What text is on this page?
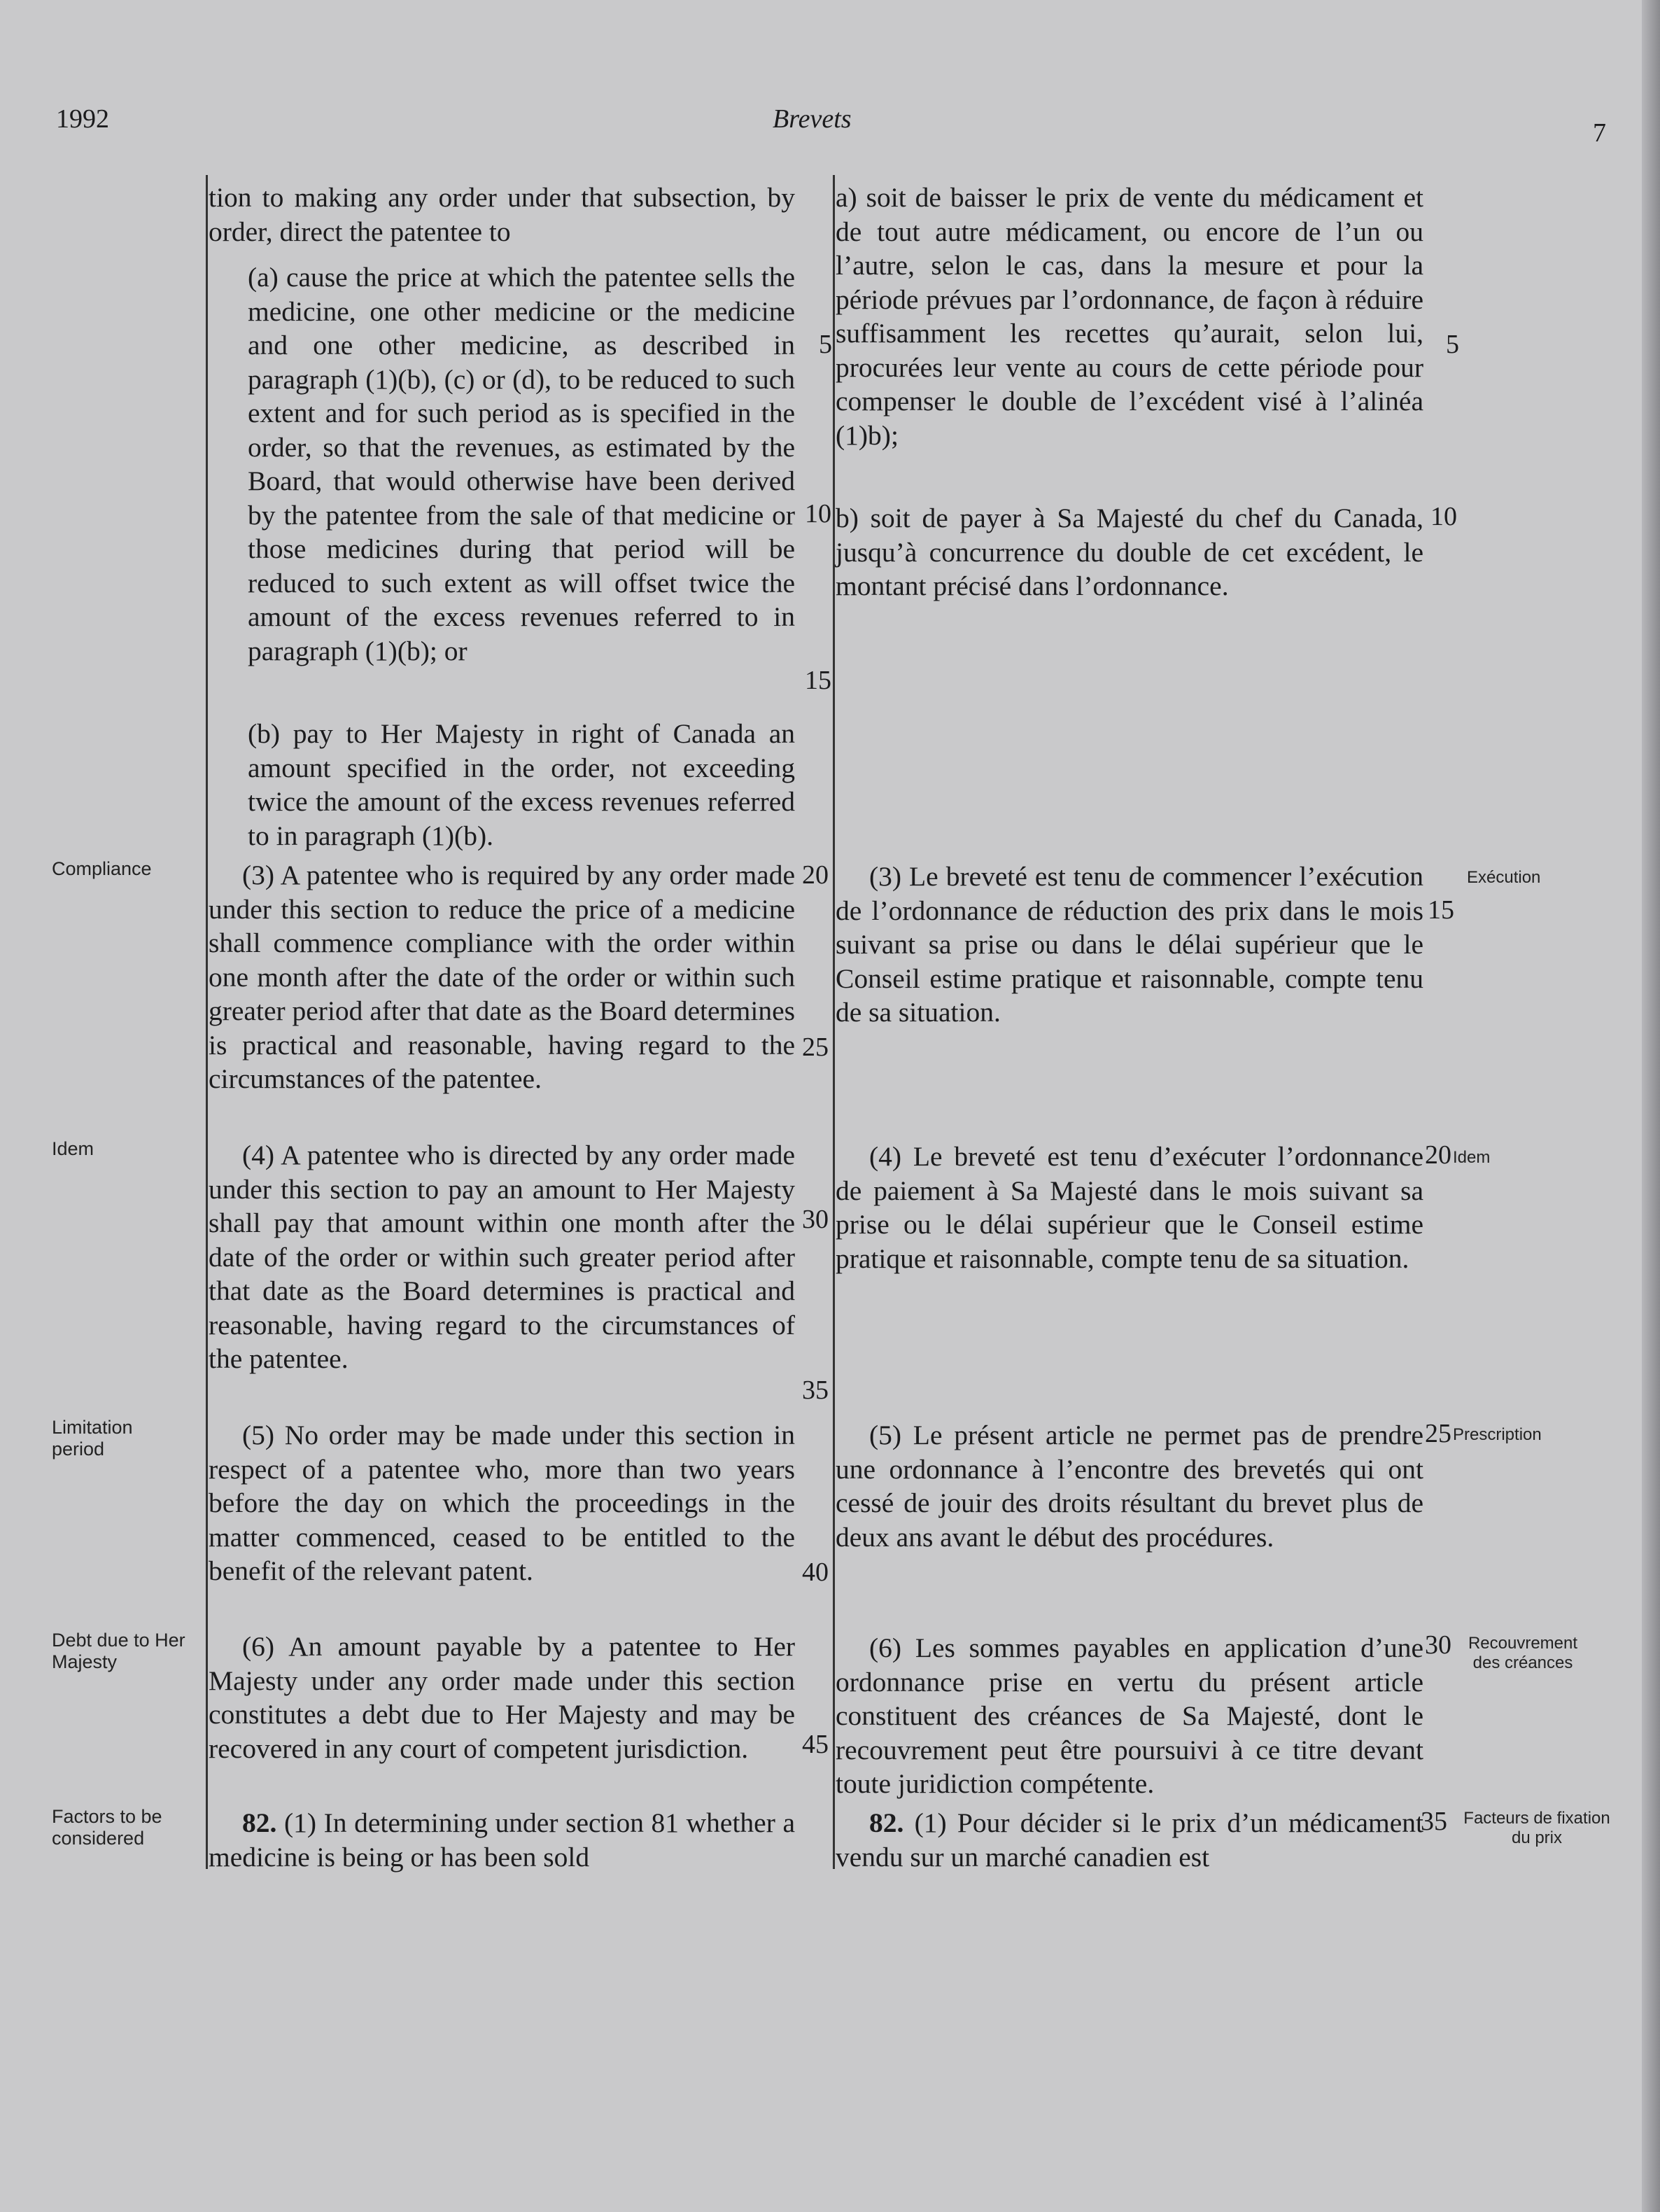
1992	Brevets	7

tion to making any order under that subsection, by order, direct the patentee to

(a) cause the price at which the patentee sells the medicine, one other medicine or the medicine and one other medicine, as described in paragraph (1)(b), (c) or (d), to be reduced to such extent and for such period as is specified in the order, so that the revenues, as estimated by the Board, that would otherwise have been derived by the patentee from the sale of that medicine or those medicines during that period will be reduced to such extent as will offset twice the amount of the excess revenues referred to in paragraph (1)(b); or

(b) pay to Her Majesty in right of Canada an amount specified in the order, not exceeding twice the amount of the excess revenues referred to in paragraph (1)(b).

(3) A patentee who is required by any order made under this section to reduce the price of a medicine shall commence compliance with the order within one month after the date of the order or within such greater period after that date as the Board determines is practical and reasonable, having regard to the circumstances of the patentee.

(4) A patentee who is directed by any order made under this section to pay an amount to Her Majesty shall pay that amount within one month after the date of the order or within such greater period after that date as the Board determines is practical and reasonable, having regard to the circumstances of the patentee.

(5) No order may be made under this section in respect of a patentee who, more than two years before the day on which the proceedings in the matter commenced, ceased to be entitled to the benefit of the relevant patent.

(6) An amount payable by a patentee to Her Majesty under any order made under this section constitutes a debt due to Her Majesty and may be recovered in any court of competent jurisdiction.

82. (1) In determining under section 81 whether a medicine is being or has been sold

5
10
15
20
25
30
35
40
45

a) soit de baisser le prix de vente du médicament et de tout autre médicament, ou encore de l’un ou l’autre, selon le cas, dans la mesure et pour la période prévues par l’ordonnance, de façon à réduire suffisamment les recettes qu’aurait, selon lui, procurées leur vente au cours de cette période pour compenser le double de l’excédent visé à l’alinéa (1)b);

b) soit de payer à Sa Majesté du chef du Canada, jusqu’à concurrence du double de cet excédent, le montant précisé dans l’ordonnance.

(3) Le breveté est tenu de commencer l’exécution de l’ordonnance de réduction des prix dans le mois suivant sa prise ou dans le délai supérieur que le Conseil estime pratique et raisonnable, compte tenu de sa situation.

(4) Le breveté est tenu d’exécuter l’ordonnance de paiement à Sa Majesté dans le mois suivant sa prise ou le délai supérieur que le Conseil estime pratique et raisonnable, compte tenu de sa situation.

(5) Le présent article ne permet pas de prendre une ordonnance à l’encontre des brevetés qui ont cessé de jouir des droits résultant du brevet plus de deux ans avant le début des procédures.

(6) Les sommes payables en application d’une ordonnance prise en vertu du présent article constituent des créances de Sa Majesté, dont le recouvrement peut être poursuivi à ce titre devant toute juridiction compétente.

82. (1) Pour décider si le prix d’un médicament vendu sur un marché canadien est

5
10
15
20
25
30
35
Compliance
Idem
Limitation period
Debt due to Her Majesty
Factors to be considered
Exécution
Idem
Prescription
Recouvrement des créances
Facteurs de fixation du prix
